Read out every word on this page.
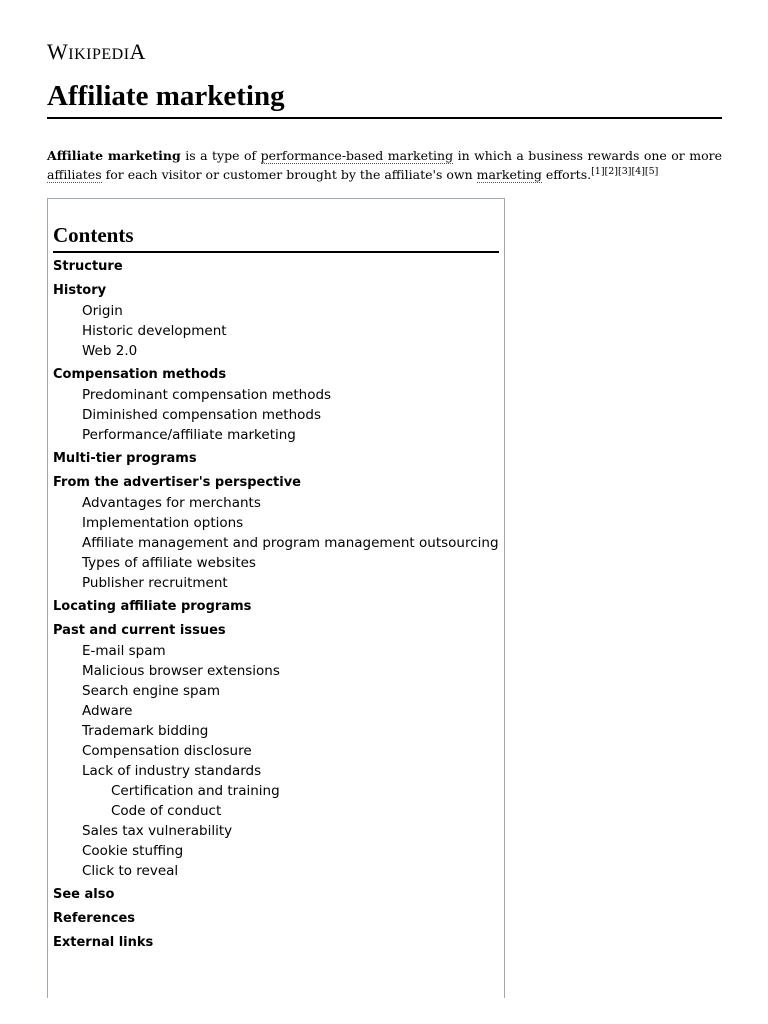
WIKIPEDIA
Affiliate marketing

Affiliate marketing is a type of performance-based marketing in which a business rewards one or more affiliates for each visitor or customer brought by the affiliate's own marketing efforts.[1][2][3][4][5]

Contents
Structure
History
Origin
Historic development
Web 2.0
Compensation methods
Predominant compensation methods
Diminished compensation methods
Performance/affiliate marketing
Multi-tier programs
From the advertiser's perspective
Advantages for merchants
Implementation options
Affiliate management and program management outsourcing
Types of affiliate websites
Publisher recruitment
Locating affiliate programs
Past and current issues
E-mail spam
Malicious browser extensions
Search engine spam
Adware
Trademark bidding
Compensation disclosure
Lack of industry standards
Certification and training
Code of conduct
Sales tax vulnerability
Cookie stuffing
Click to reveal
See also
References
External links
